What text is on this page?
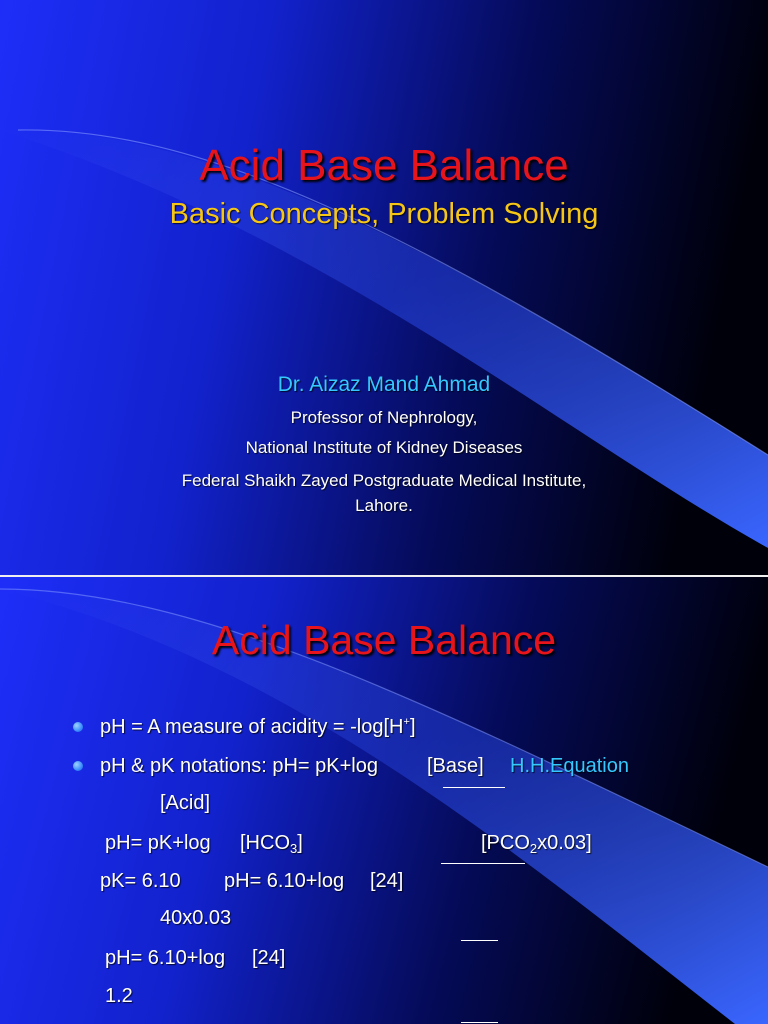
Acid Base Balance
Basic Concepts, Problem Solving
Dr. Aizaz Mand Ahmad
Professor of Nephrology,
National Institute of Kidney Diseases
Federal Shaikh Zayed Postgraduate Medical Institute,
Lahore.
Acid Base Balance
pH = A measure of acidity = -log[H+]
pH & pK notations: pH= pK+log [Base] H.H.Equation
[Acid]
pH= pK+log $[HCO_3]$	$[PCO_2x0.03]$
pK= 6.10 pH= 6.10+log [24]
40x0.03
pH= 6.10+log [24]
1.2
